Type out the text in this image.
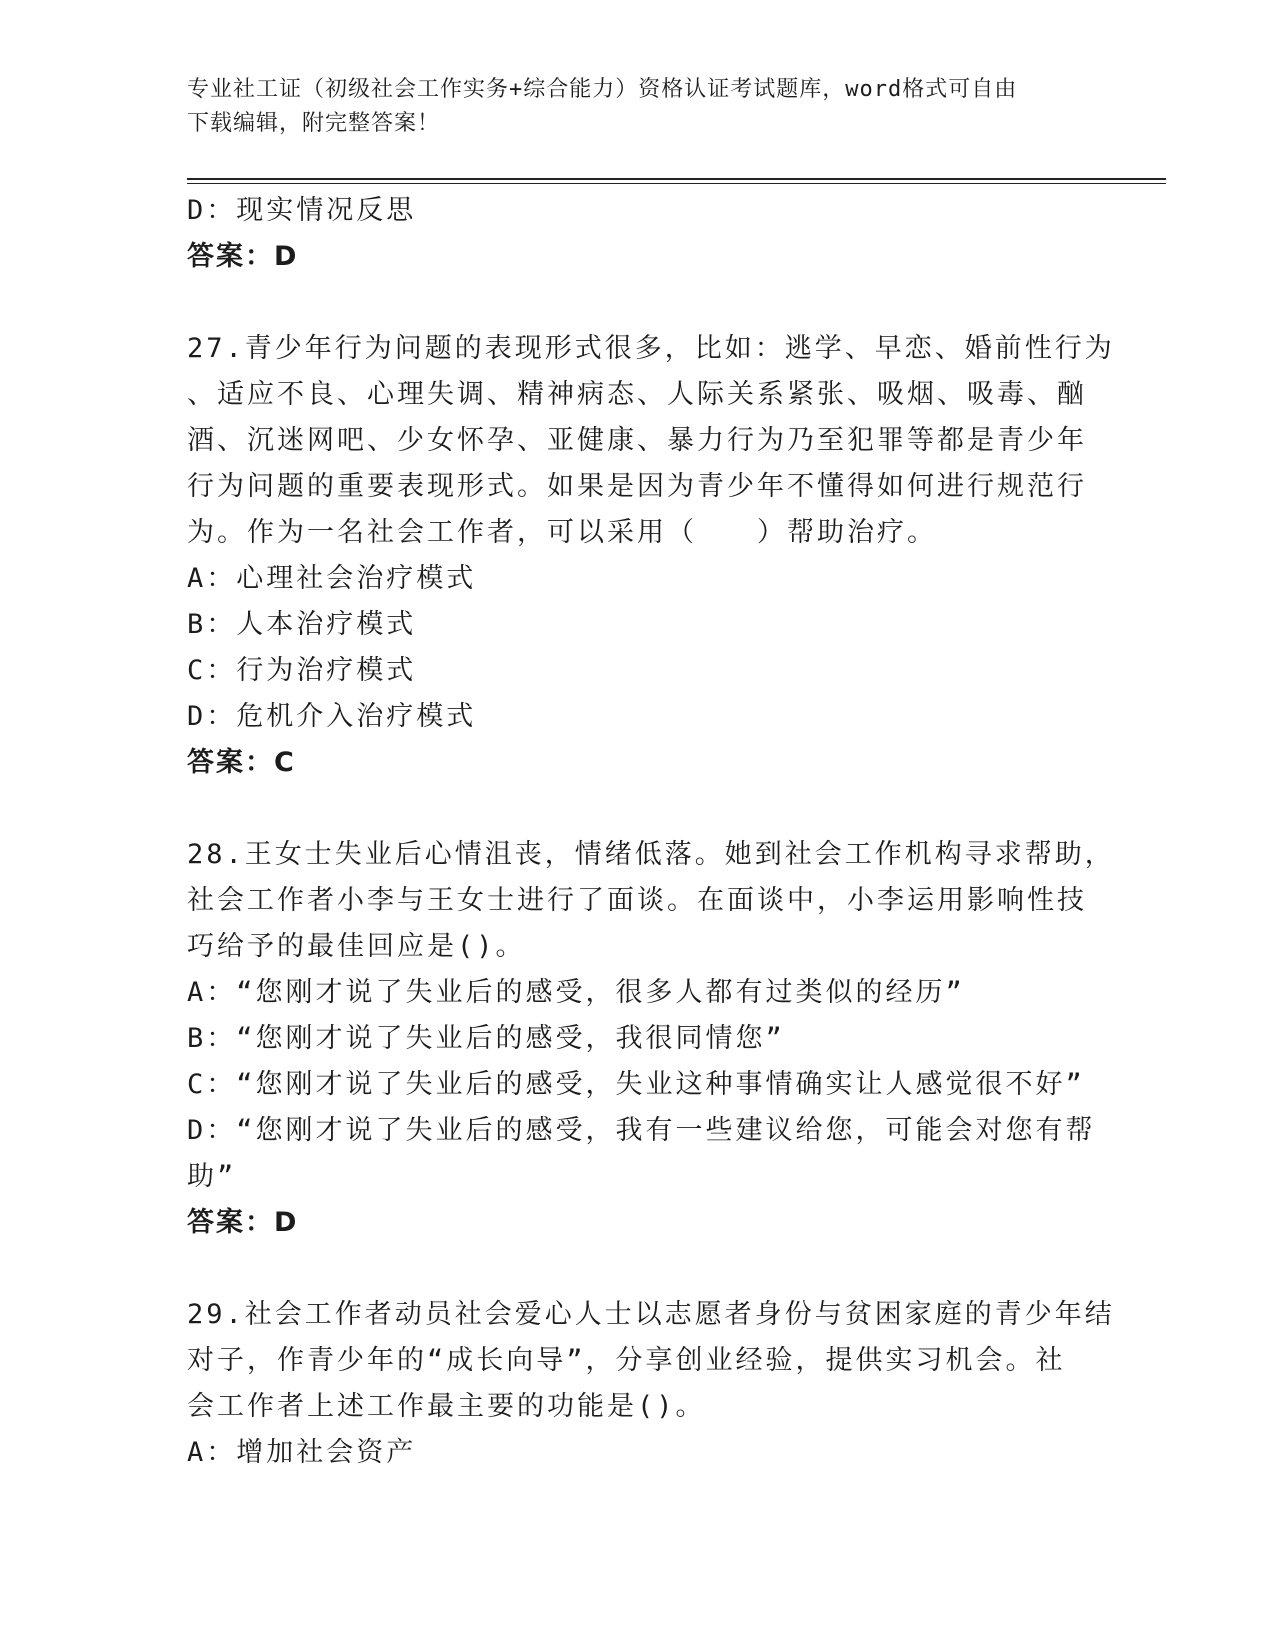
专业社工证（初级社会工作实务+综合能力）资格认证考试题库，word格式可自由
下载编辑，附完整答案！
D：现实情况反思
答案：D
27.青少年行为问题的表现形式很多，比如：逃学、早恋、婚前性行为
、适应不良、心理失调、精神病态、人际关系紧张、吸烟、吸毒、酗
酒、沉迷网吧、少女怀孕、亚健康、暴力行为乃至犯罪等都是青少年
行为问题的重要表现形式。如果是因为青少年不懂得如何进行规范行
为。作为一名社会工作者，可以采用（　　）帮助治疗。
A：心理社会治疗模式
B：人本治疗模式
C：行为治疗模式
D：危机介入治疗模式
答案：C
28.王女士失业后心情沮丧，情绪低落。她到社会工作机构寻求帮助，
社会工作者小李与王女士进行了面谈。在面谈中，小李运用影响性技
巧给予的最佳回应是()。
A：“您刚才说了失业后的感受，很多人都有过类似的经历”
B：“您刚才说了失业后的感受，我很同情您”
C：“您刚才说了失业后的感受，失业这种事情确实让人感觉很不好”
D：“您刚才说了失业后的感受，我有一些建议给您，可能会对您有帮
助”
答案：D
29.社会工作者动员社会爱心人士以志愿者身份与贫困家庭的青少年结
对子，作青少年的“成长向导”，分享创业经验，提供实习机会。社
会工作者上述工作最主要的功能是()。
A：增加社会资产
